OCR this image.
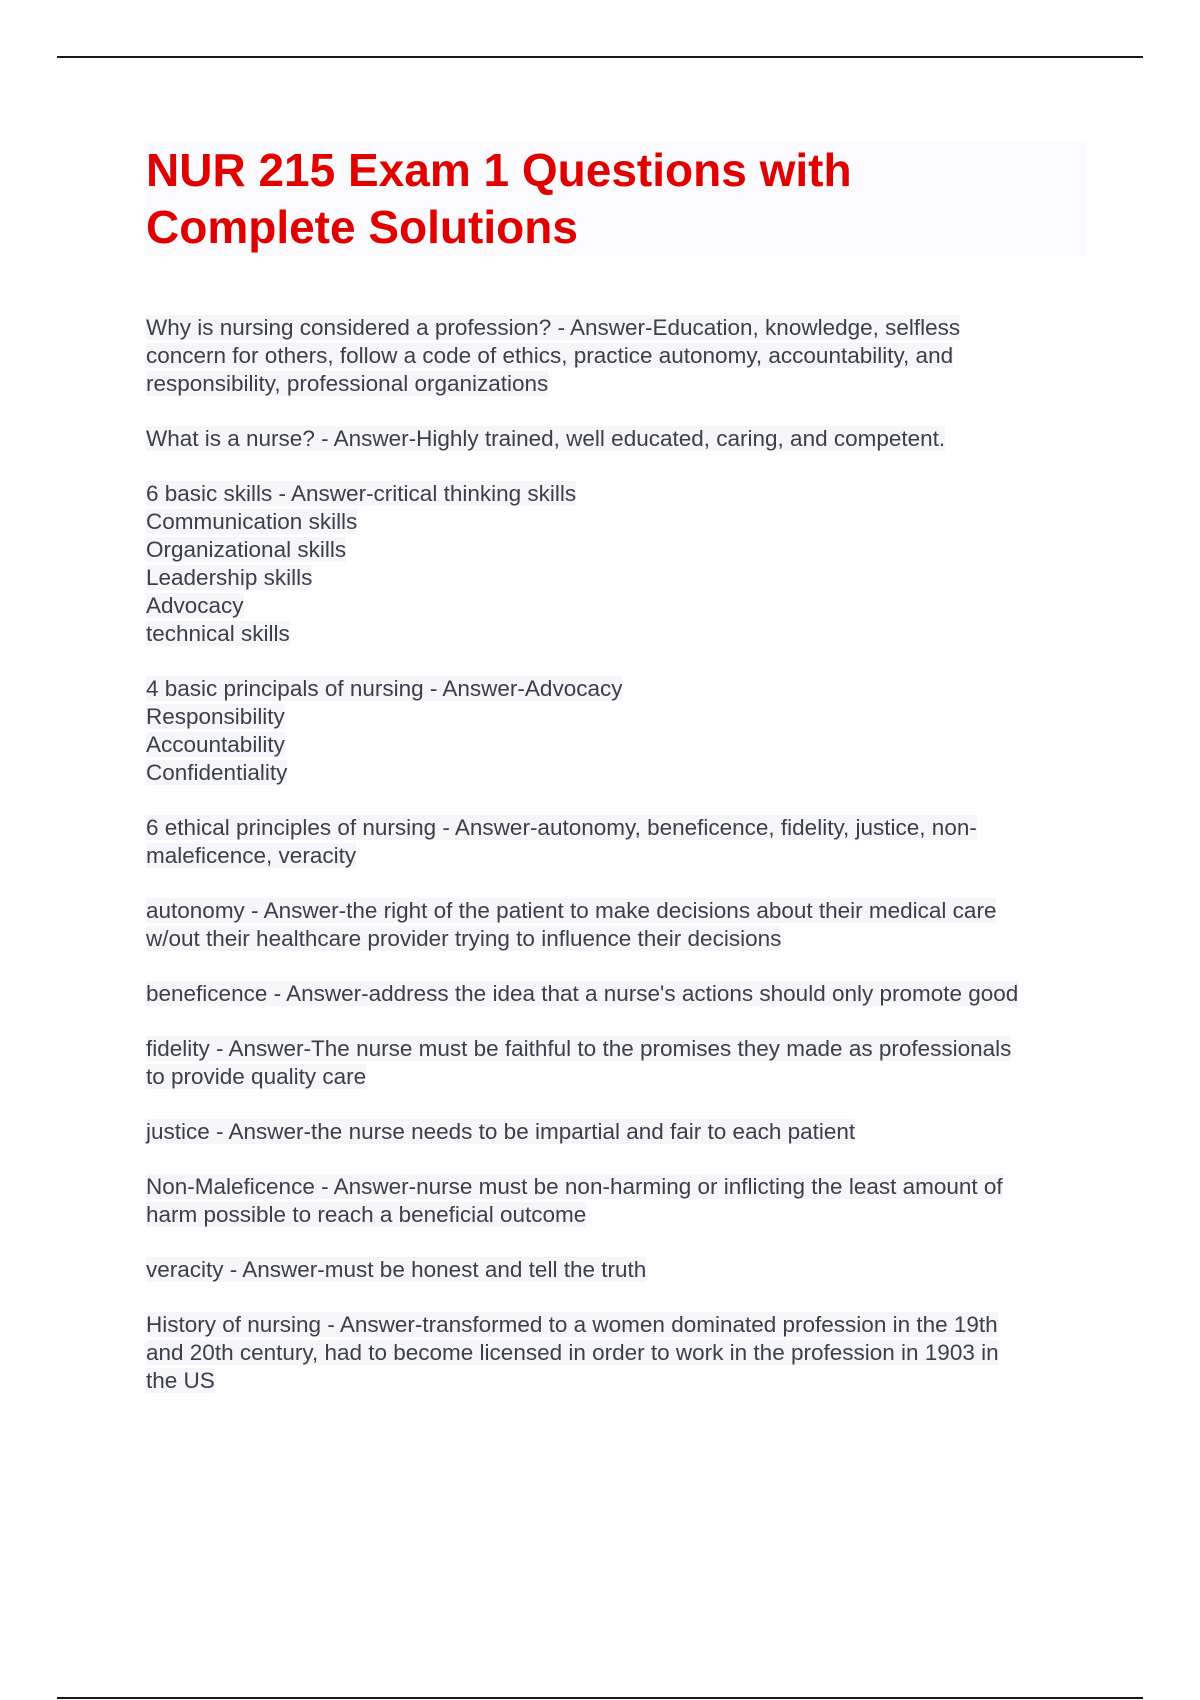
NUR 215 Exam 1 Questions with
Complete Solutions

Why is nursing considered a profession? - Answer-Education, knowledge, selfless
concern for others, follow a code of ethics, practice autonomy, accountability, and
responsibility, professional organizations

What is a nurse? - Answer-Highly trained, well educated, caring, and competent.

6 basic skills - Answer-critical thinking skills
Communication skills
Organizational skills
Leadership skills
Advocacy
technical skills

4 basic principals of nursing - Answer-Advocacy
Responsibility
Accountability
Confidentiality

6 ethical principles of nursing - Answer-autonomy, beneficence, fidelity, justice, non-
maleficence, veracity

autonomy - Answer-the right of the patient to make decisions about their medical care
w/out their healthcare provider trying to influence their decisions

beneficence - Answer-address the idea that a nurse's actions should only promote good

fidelity - Answer-The nurse must be faithful to the promises they made as professionals
to provide quality care

justice - Answer-the nurse needs to be impartial and fair to each patient

Non-Maleficence - Answer-nurse must be non-harming or inflicting the least amount of
harm possible to reach a beneficial outcome

veracity - Answer-must be honest and tell the truth

History of nursing - Answer-transformed to a women dominated profession in the 19th
and 20th century, had to become licensed in order to work in the profession in 1903 in
the US
